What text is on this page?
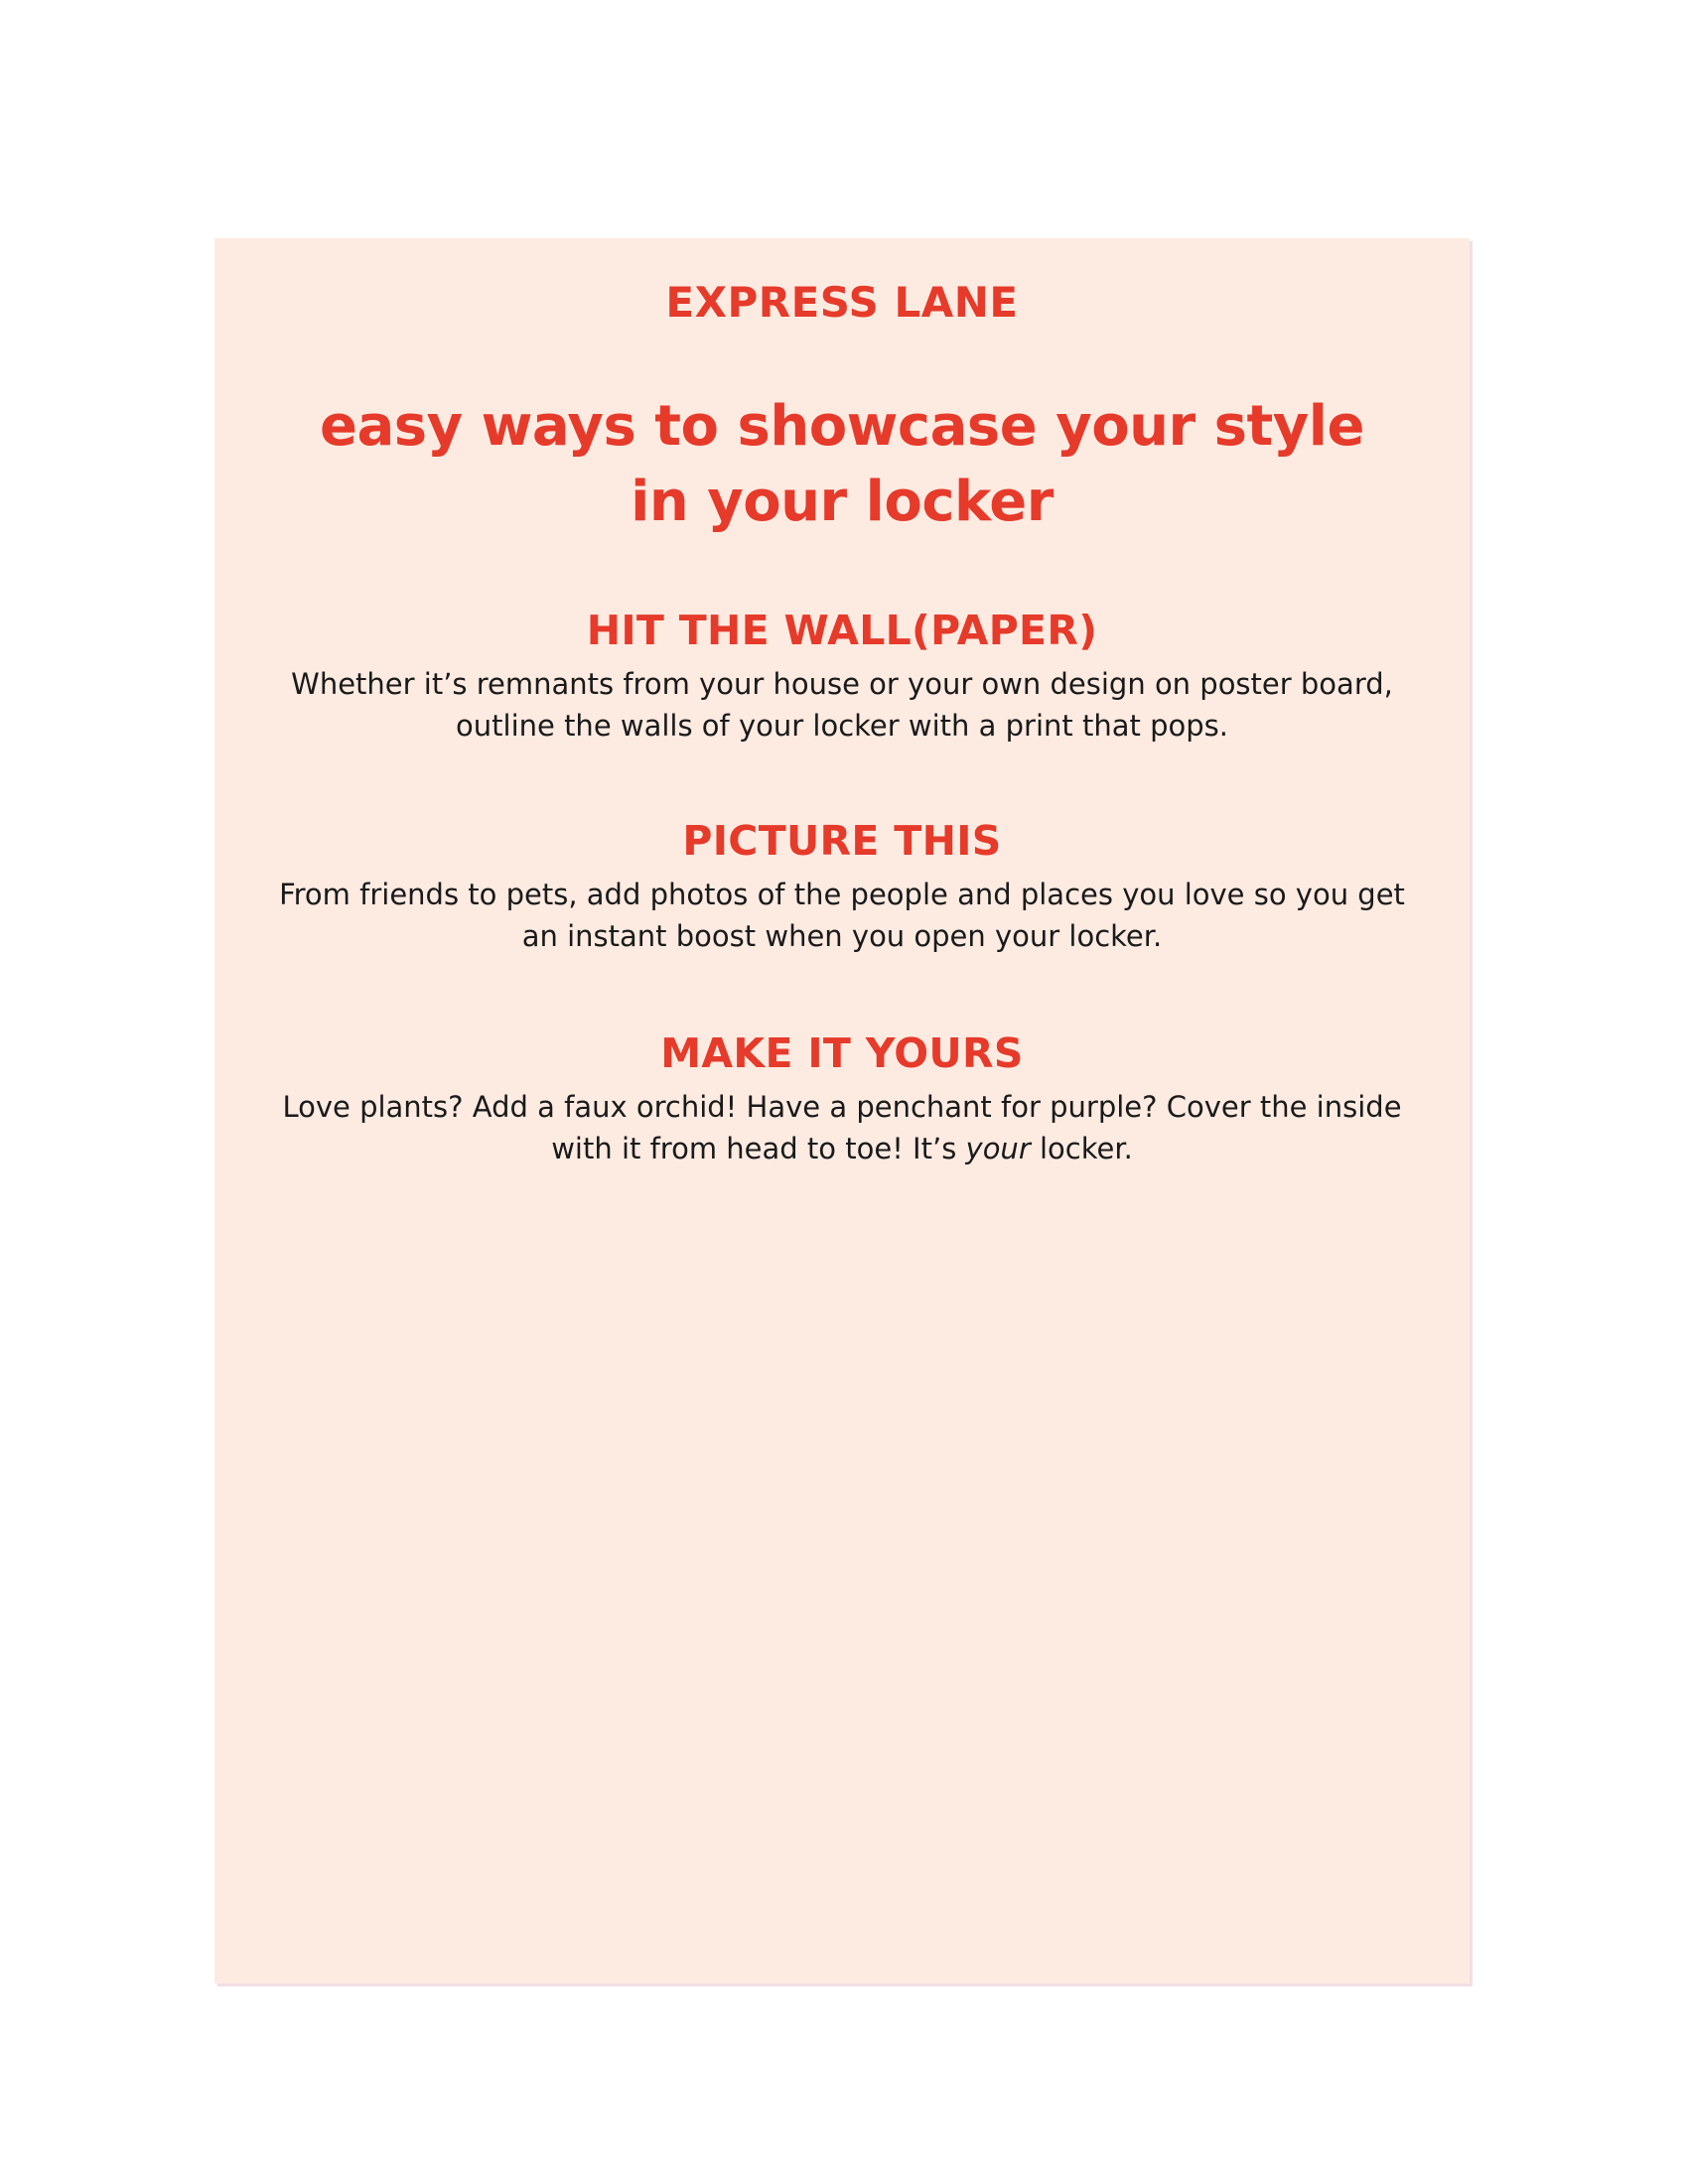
EXPRESS LANE
easy ways to showcase your style in your locker
HIT THE WALL(PAPER)

Whether it’s remnants from your house or your own design on poster board, outline the walls of your locker with a print that pops.

PICTURE THIS

From friends to pets, add photos of the people and places you love so you get an instant boost when you open your locker.

MAKE IT YOURS

Love plants? Add a faux orchid! Have a penchant for purple? Cover the inside with it from head to toe! It’s your locker.
